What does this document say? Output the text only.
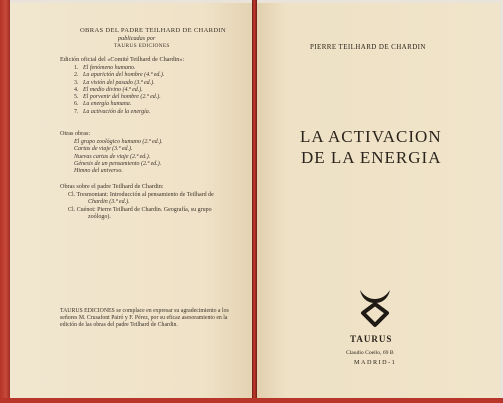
OBRAS DEL PADRE TEILHARD DE CHARDIN
publicadas por
TAURUS EDICIONES
Edición oficial del «Comité Teilhard de Chardin»:
1. El fenómeno humano.
2. La aparición del hombre (4.ª ed.).
3. La visión del pasado (3.ª ed.).
4. El medio divino (4.ª ed.).
5. El porvenir del hombre (2.ª ed.).
6. La energía humana.
7. La activación de la energía.
Otras obras:
El grupo zoológico humano (2.ª ed.).
Cartas de viaje (3.ª ed.).
Nuevas cartas de viaje (2.ª ed.).
Génesis de un pensamiento (2.ª ed.).
Himno del universo.
Obras sobre el padre Teilhard de Chardin:
Cl. Tresmontant: Introducción al pensamiento de Teilhard de
Chardin (3.ª ed.).
Cl. Cuénot: Pierre Teilhard de Chardin. Geografía, su grupo
zoólogo).
TAURUS EDICIONES se complace en expresar su agradecimiento a los señores M. Crusafont Pairó y F. Pérez, por su eficaz asesoramiento en la edición de las obras del padre Teilhard de Chardin.
PIERRE TEILHARD DE CHARDIN
LA ACTIVACION
DE LA ENERGIA
TAURUS
Claudio Coello, 69 B
MADRID-1
